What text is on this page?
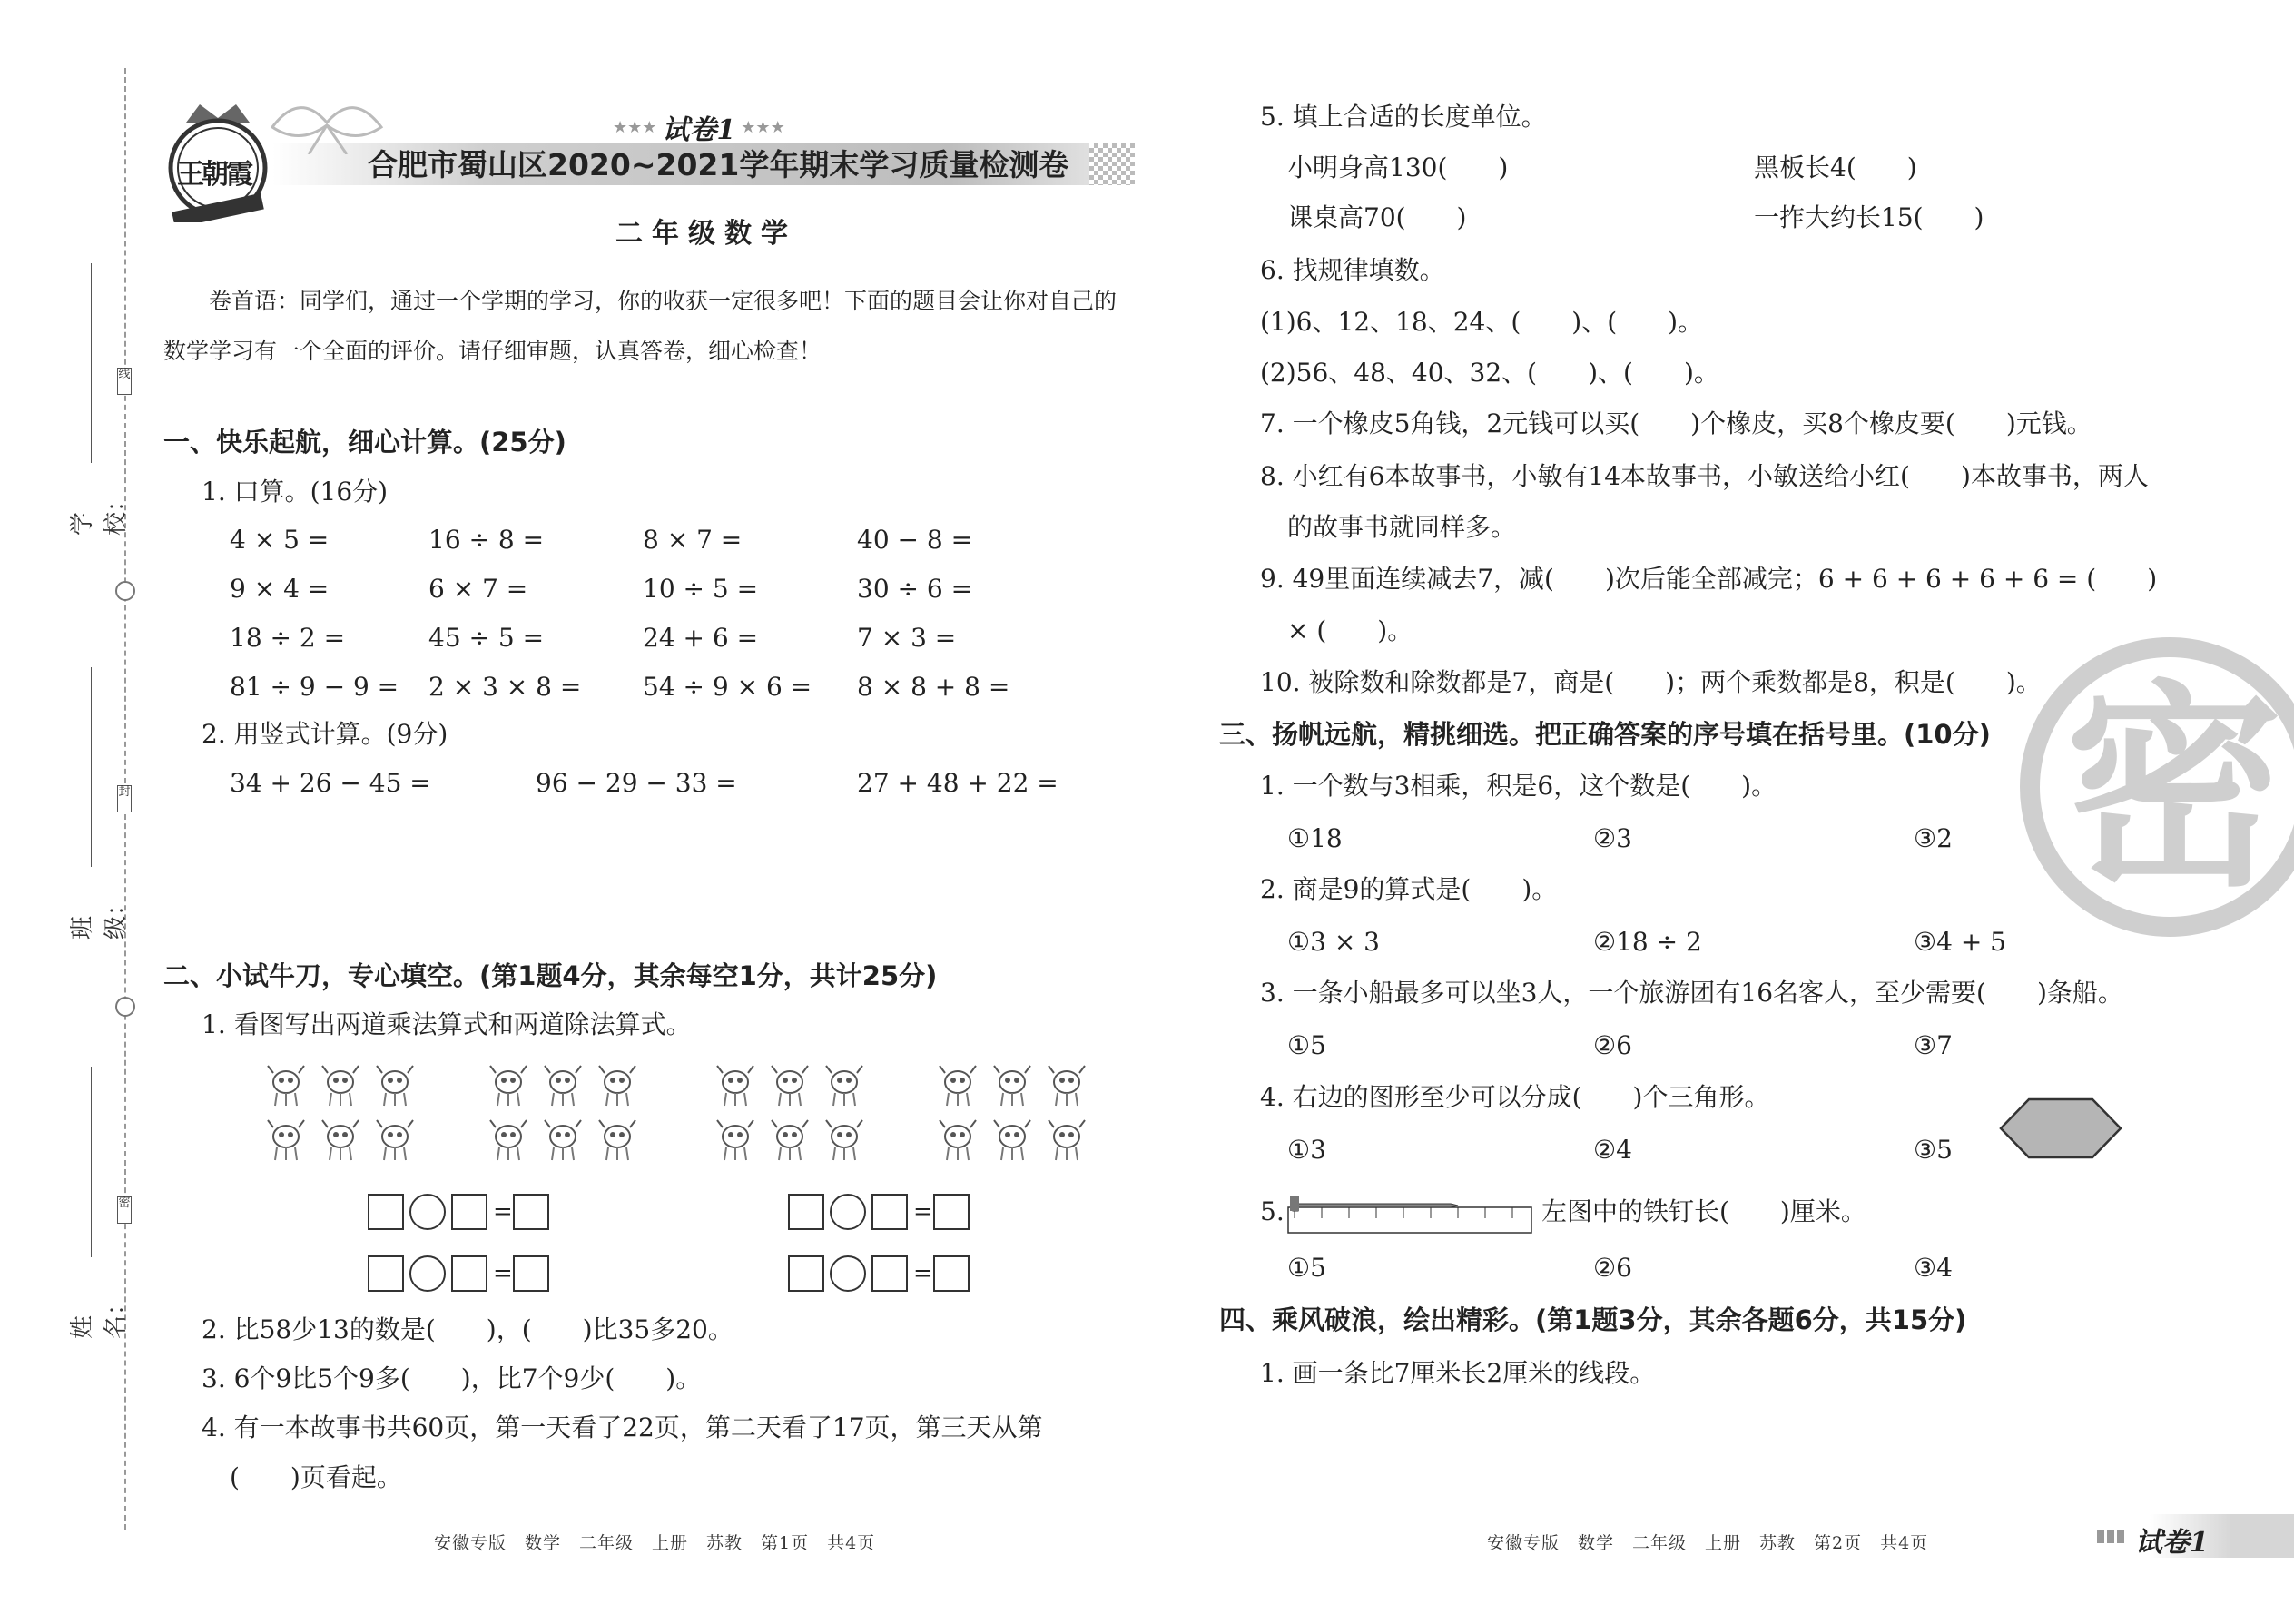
学校：
班级：
姓名：
线
封
密
王朝霞
★★★ 试卷1 ★★★
合肥市蜀山区2020~2021学年期末学习质量检测卷
二年级数学
卷首语：同学们，通过一个学期的学习，你的收获一定很多吧！下面的题目会让你对自己的
数学学习有一个全面的评价。请仔细审题，认真答卷，细心检查！
一、快乐起航，细心计算。(25分)
1. 口算。(16分)
4 × 5 =	16 ÷ 8 =	8 × 7 =	40 − 8 =
9 × 4 =	6 × 7 =	10 ÷ 5 =	30 ÷ 6 =
18 ÷ 2 =	45 ÷ 5 =	24 + 6 =	7 × 3 =
81 ÷ 9 − 9 = 2 × 3 × 8 = 54 ÷ 9 × 6 = 8 × 8 + 8 =
2. 用竖式计算。(9分)
34 + 26 − 45 =	96 − 29 − 33 =	27 + 48 + 22 =
二、小试牛刀，专心填空。(第1题4分，其余每空1分，共计25分)
1. 看图写出两道乘法算式和两道除法算式。
=	=
=	=
2. 比58少13的数是(　　)，(　　)比35多20。
3. 6个9比5个9多(　　)，比7个9少(　　)。
4. 有一本故事书共60页，第一天看了22页，第二天看了17页，第三天从第
(　　)页看起。
安徽专版　数学　二年级　上册　苏教　第1页　共4页
5. 填上合适的长度单位。
小明身高130(　　)	黑板长4(　　)
课桌高70(　　)	一拃大约长15(　　)
6. 找规律填数。
(1)6、12、18、24、(　　)、(　　)。
(2)56、48、40、32、(　　)、(　　)。
7. 一个橡皮5角钱，2元钱可以买(　　)个橡皮，买8个橡皮要(　　)元钱。
8. 小红有6本故事书，小敏有14本故事书，小敏送给小红(　　)本故事书，两人
的故事书就同样多。
9. 49里面连续减去7，减(　　)次后能全部减完；6 + 6 + 6 + 6 + 6 = (　　)
× (　　)。
10. 被除数和除数都是7，商是(　　)；两个乘数都是8，积是(　　)。 密
三、扬帆远航，精挑细选。把正确答案的序号填在括号里。(10分)
1. 一个数与3相乘，积是6，这个数是(　　)。
①18	②3	③2
2. 商是9的算式是(　　)。
①3 × 3	②18 ÷ 2	③4 + 5
3. 一条小船最多可以坐3人，一个旅游团有16名客人，至少需要(　　)条船。
①5	②6	③7
4. 右边的图形至少可以分成(　　)个三角形。
①3	②4	③5
5.	左图中的铁钉长(　　)厘米。
①5	②6	③4
四、乘风破浪，绘出精彩。(第1题3分，其余各题6分，共15分)
1. 画一条比7厘米长2厘米的线段。
安徽专版　数学　二年级　上册　苏教　第2页　共4页	试卷1
